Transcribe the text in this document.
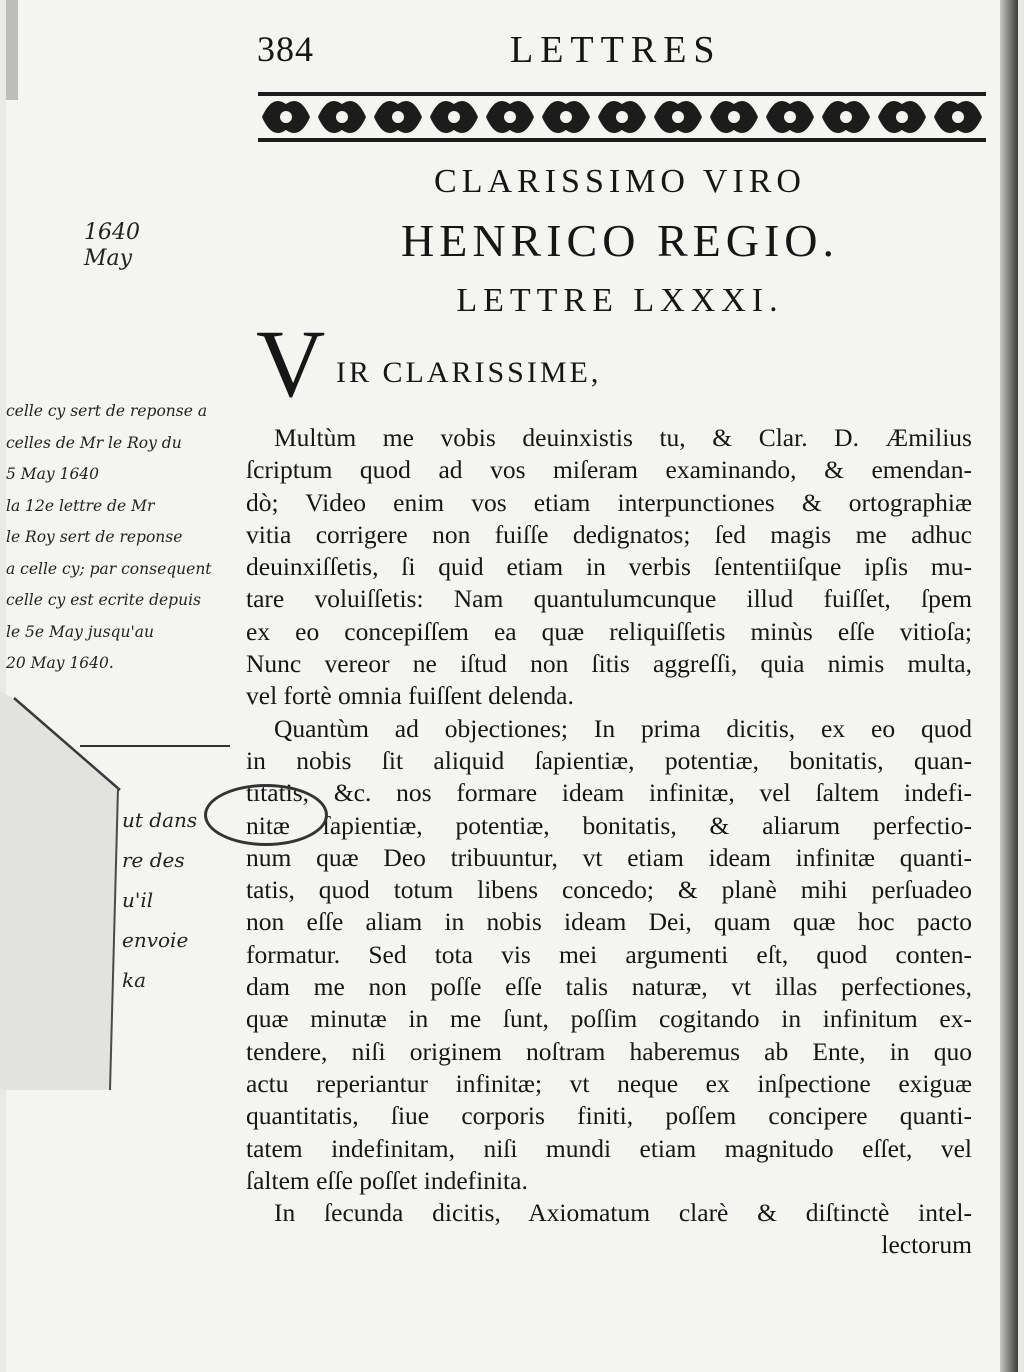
384	LETTRES
CLARISSIMO VIRO
HENRICO REGIO.
LETTRE LXXXI.
V IR CLARISSIME,
Multùm me vobis deuinxistis tu, & Clar. D. Æmilius
ſcriptum quod ad vos miſeram examinando, & emendan-
dò; Video enim vos etiam interpunctiones & ortographiæ
vitia corrigere non fuiſſe dedignatos; ſed magis me adhuc
deuinxiſſetis, ſi quid etiam in verbis ſententiiſque ipſis mu-
tare voluiſſetis: Nam quantulumcunque illud fuiſſet, ſpem
ex eo concepiſſem ea quæ reliquiſſetis minùs eſſe vitioſa;
Nunc vereor ne iſtud non ſitis aggreſſi, quia nimis multa,
vel fortè omnia fuiſſent delenda.
Quantùm ad objectiones; In prima dicitis, ex eo quod
in nobis ſit aliquid ſapientiæ, potentiæ, bonitatis, quan-
titatis, &c. nos formare ideam infinitæ, vel ſaltem indefi-
nitæ ſapientiæ, potentiæ, bonitatis, & aliarum perfectio-
num quæ Deo tribuuntur, vt etiam ideam infinitæ quanti-
tatis, quod totum libens concedo; & planè mihi perſuadeo
non eſſe aliam in nobis ideam Dei, quam quæ hoc pacto
formatur. Sed tota vis mei argumenti eſt, quod conten-
dam me non poſſe eſſe talis naturæ, vt illas perfectiones,
quæ minutæ in me ſunt, poſſim cogitando in infinitum ex-
tendere, niſi originem noſtram haberemus ab Ente, in quo
actu reperiantur infinitæ; vt neque ex inſpectione exiguæ
quantitatis, ſiue corporis finiti, poſſem concipere quanti-
tatem indefinitam, niſi mundi etiam magnitudo eſſet, vel
ſaltem eſſe poſſet indefinita.
In ſecunda dicitis, Axiomatum clarè & diſtinctè intel-
lectorum
1640
May
celle cy sert de reponse a
celles de Mr le Roy du
5 May 1640
la 12e lettre de Mr
le Roy sert de reponse
a celle cy; par consequent
celle cy est ecrite depuis
le 5e May jusqu'au
20 May 1640.
ut dans
re des
u'il
envoie
ka
